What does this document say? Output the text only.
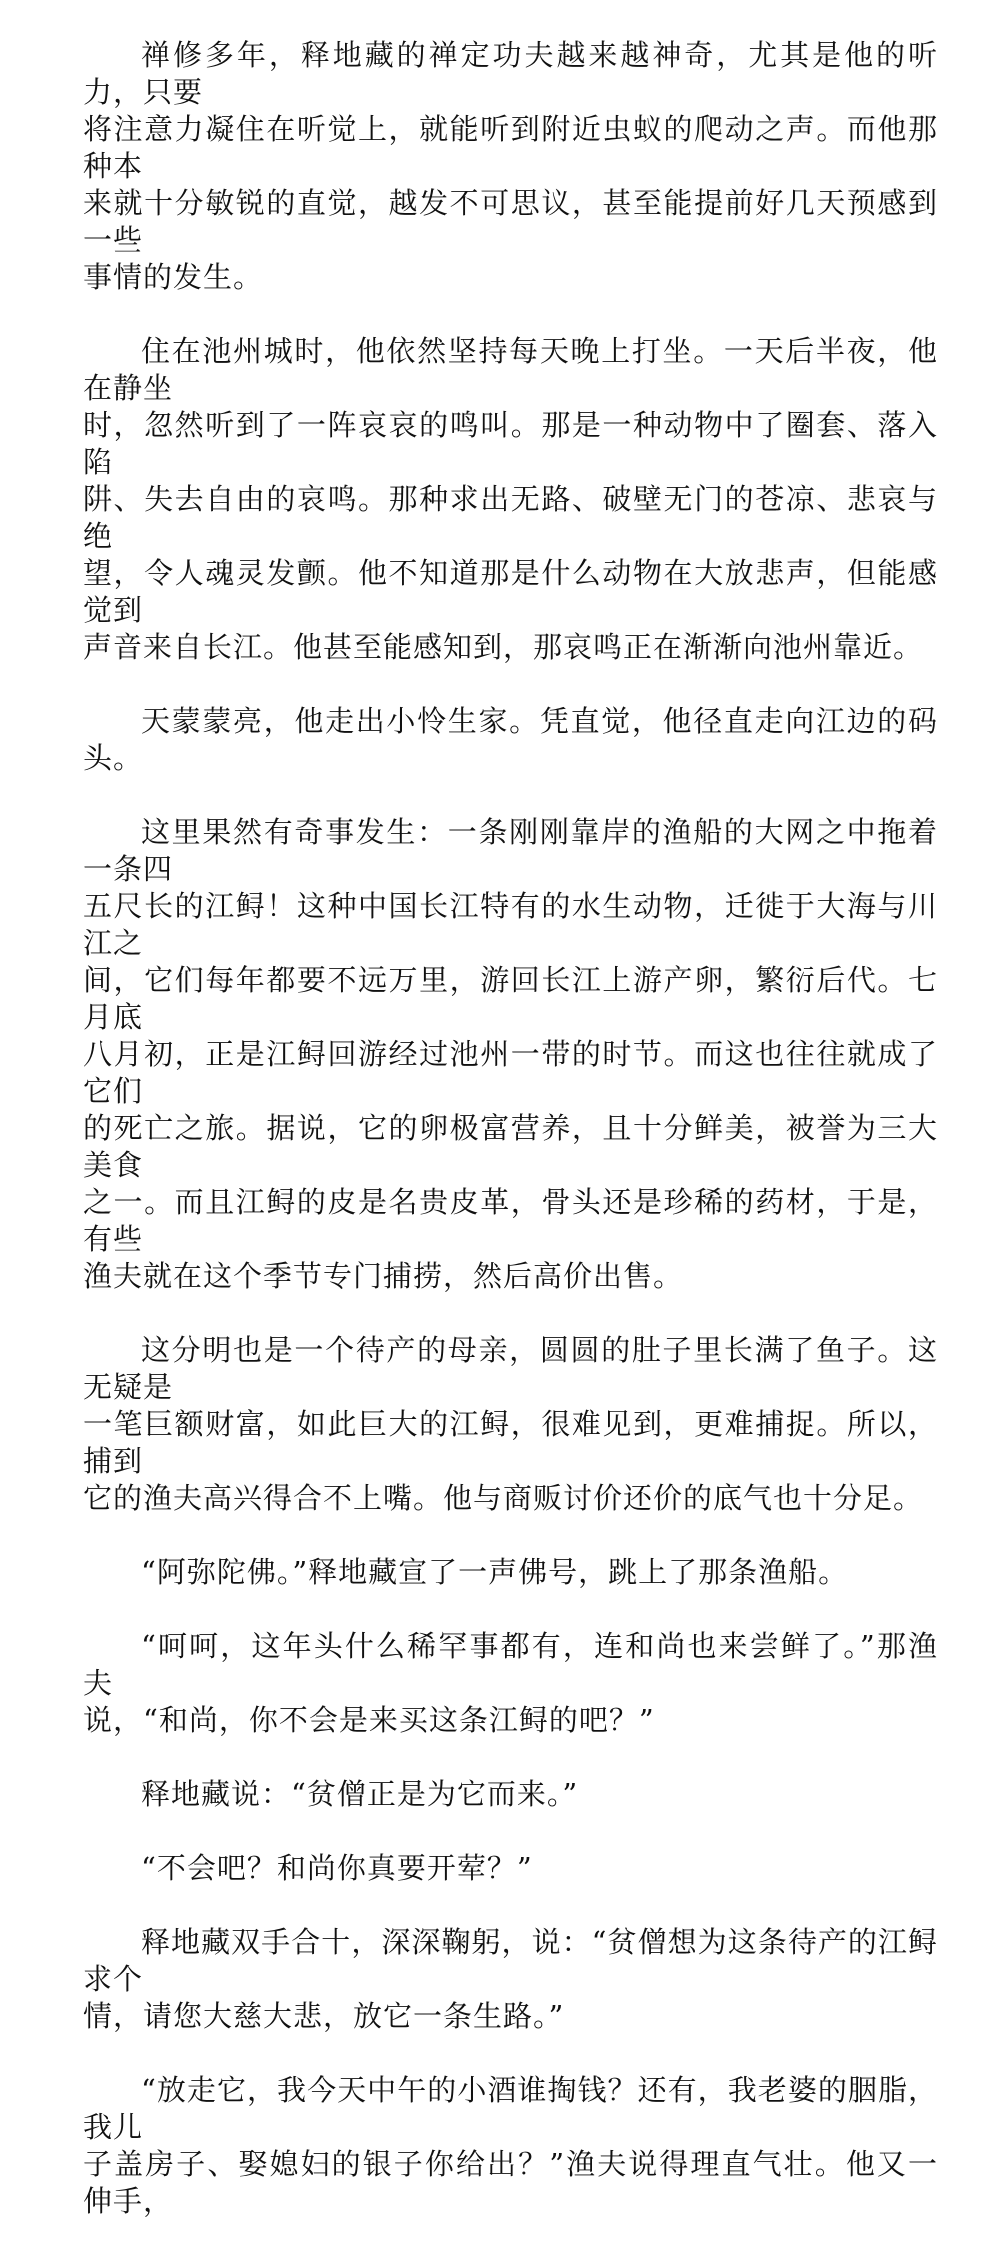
禅修多年，释地藏的禅定功夫越来越神奇，尤其是他的听力，只要
将注意力凝住在听觉上，就能听到附近虫蚁的爬动之声。而他那种本
来就十分敏锐的直觉，越发不可思议，甚至能提前好几天预感到一些
事情的发生。

住在池州城时，他依然坚持每天晚上打坐。一天后半夜，他在静坐
时，忽然听到了一阵哀哀的鸣叫。那是一种动物中了圈套、落入陷
阱、失去自由的哀鸣。那种求出无路、破壁无门的苍凉、悲哀与绝
望，令人魂灵发颤。他不知道那是什么动物在大放悲声，但能感觉到
声音来自长江。他甚至能感知到，那哀鸣正在渐渐向池州靠近。

天蒙蒙亮，他走出小怜生家。凭直觉，他径直走向江边的码头。

这里果然有奇事发生：一条刚刚靠岸的渔船的大网之中拖着一条四
五尺长的江鲟！这种中国长江特有的水生动物，迁徙于大海与川江之
间，它们每年都要不远万里，游回长江上游产卵，繁衍后代。七月底
八月初，正是江鲟回游经过池州一带的时节。而这也往往就成了它们
的死亡之旅。据说，它的卵极富营养，且十分鲜美，被誉为三大美食
之一。而且江鲟的皮是名贵皮革，骨头还是珍稀的药材，于是，有些
渔夫就在这个季节专门捕捞，然后高价出售。

这分明也是一个待产的母亲，圆圆的肚子里长满了鱼子。这无疑是
一笔巨额财富，如此巨大的江鲟，很难见到，更难捕捉。所以，捕到
它的渔夫高兴得合不上嘴。他与商贩讨价还价的底气也十分足。

“阿弥陀佛。”释地藏宣了一声佛号，跳上了那条渔船。

“呵呵，这年头什么稀罕事都有，连和尚也来尝鲜了。”那渔夫
说，“和尚，你不会是来买这条江鲟的吧？”

释地藏说：“贫僧正是为它而来。”

“不会吧？和尚你真要开荤？”

释地藏双手合十，深深鞠躬，说：“贫僧想为这条待产的江鲟求个
情，请您大慈大悲，放它一条生路。”

“放走它，我今天中午的小酒谁掏钱？还有，我老婆的胭脂，我儿
子盖房子、娶媳妇的银子你给出？”渔夫说得理直气壮。他又一伸手，
